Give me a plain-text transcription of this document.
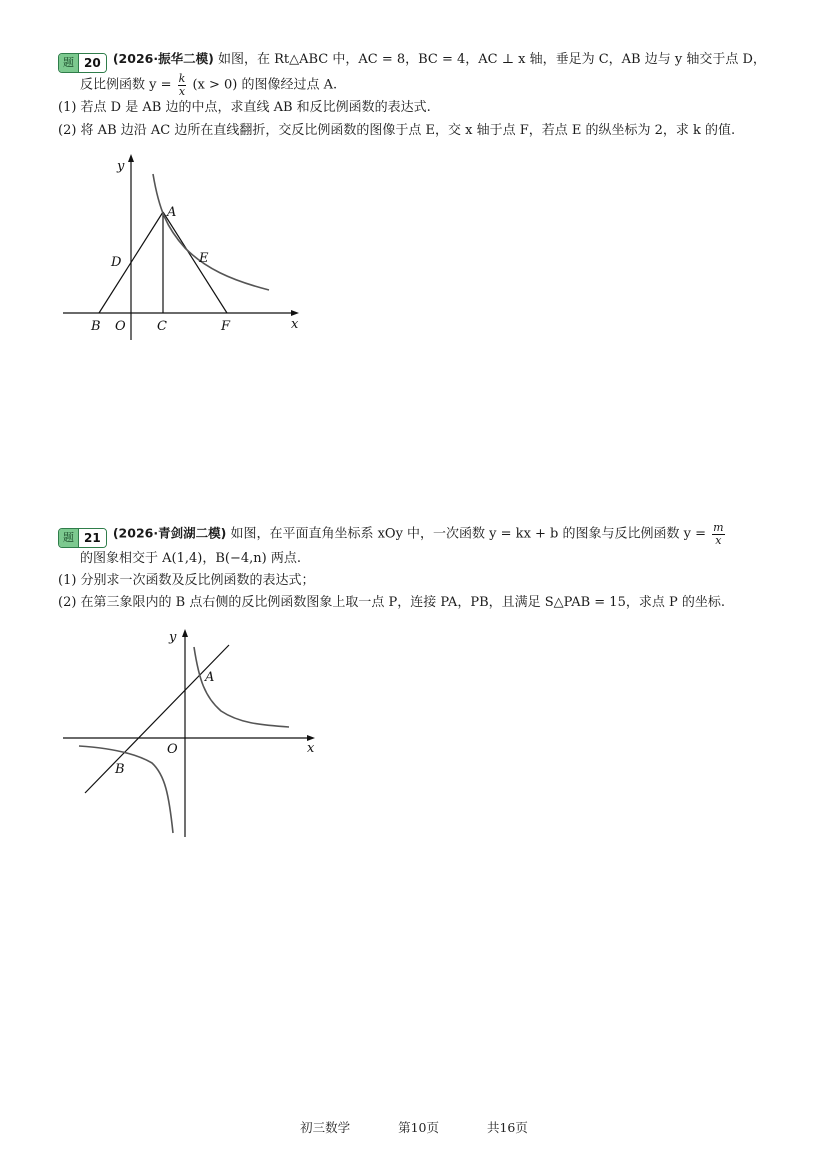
题 20 (2026·振华二模) 如图，在 Rt△ABC 中，AC = 8，BC = 4，AC ⊥ x 轴，垂足为 C，AB 边与 y 轴交于点 D，
反比例函数 $y = \frac{k}{x} (x > 0)$ 的图像经过点 A.
(1) 若点 D 是 AB 边的中点，求直线 AB 和反比例函数的表达式.
(2) 将 AB 边沿 AC 边所在直线翻折，交反比例函数的图像于点 E，交 x 轴于点 F，若点 E 的纵坐标为 2，求 k 的值.
y
x
A
D	E
B O C	F
题 21 (2026·青剑湖二模) 如图，在平面直角坐标系 xOy 中，一次函数 y = kx + b 的图象与反比例函数 $y = \frac{m}{x}$
的图象相交于 A(1,4)，B(−4,n) 两点.
(1) 分别求一次函数及反比例函数的表达式；
(2) 在第三象限内的 B 点右侧的反比例函数图象上取一点 P，连接 PA，PB，且满足 S△PAB = 15，求点 P 的坐标.
y
x
A
O
B
初三数学	第10页	共16页
